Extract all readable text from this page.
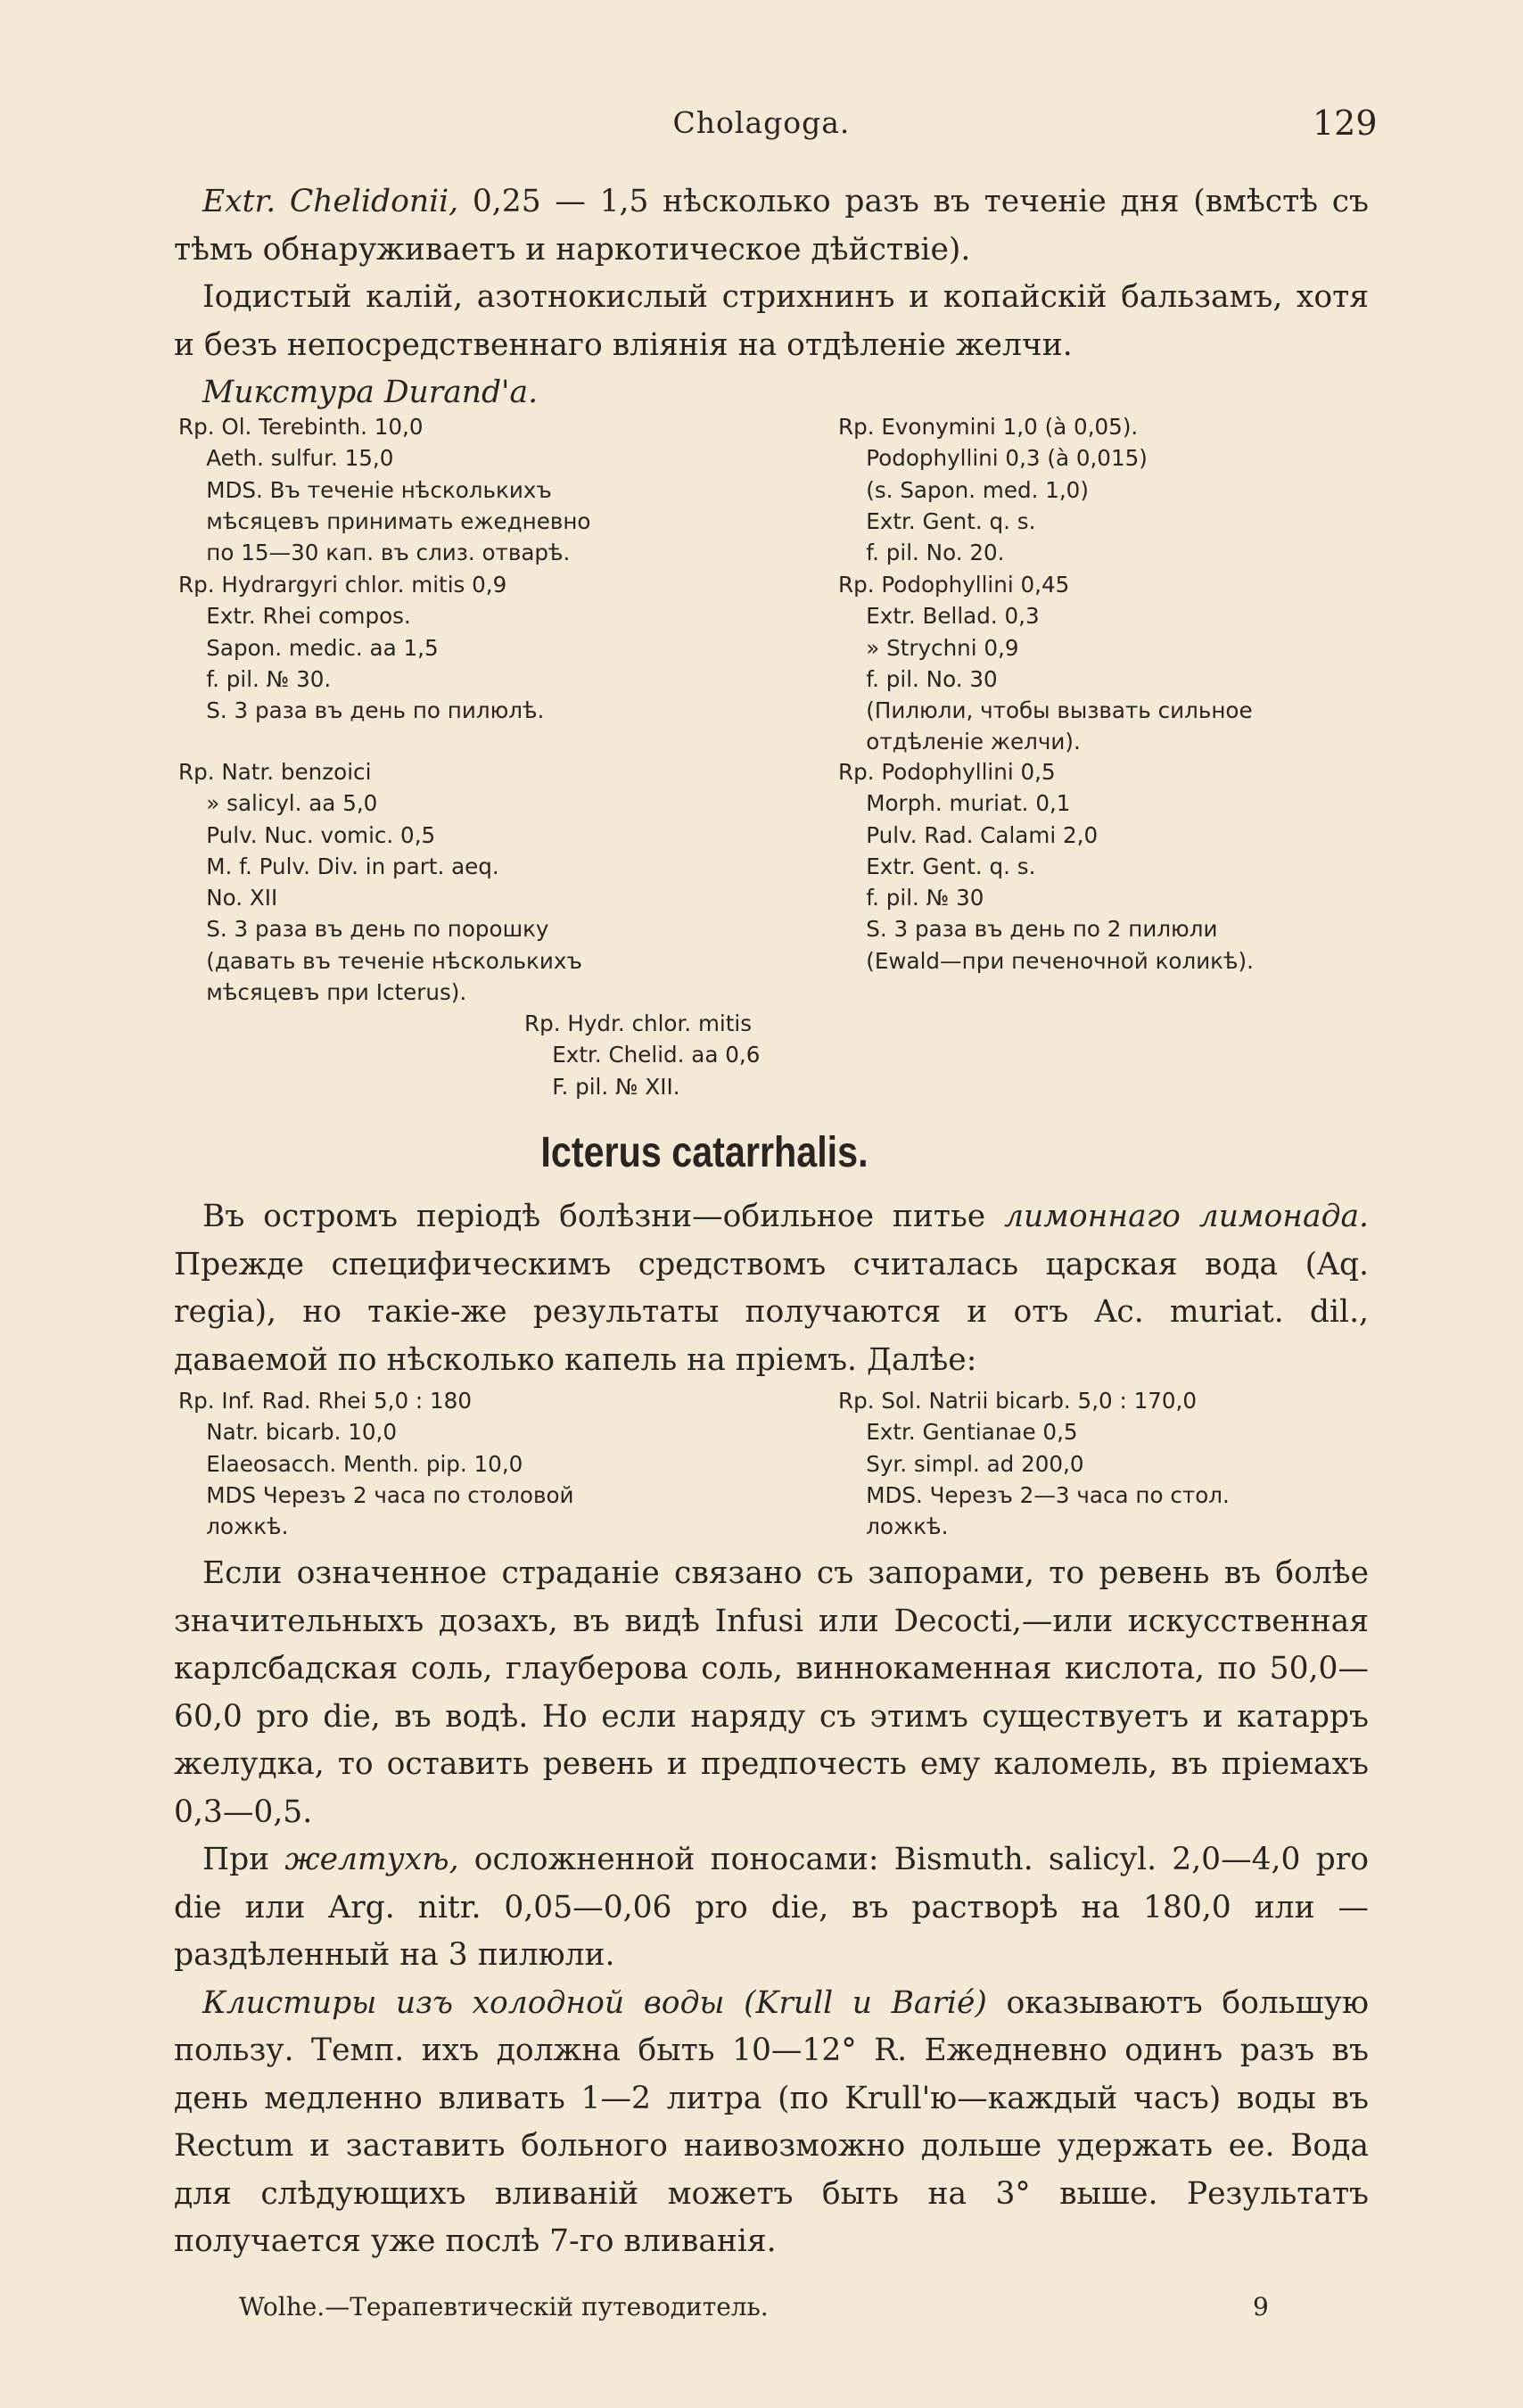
Cholagoga.	129

Extr. Chelidonii, 0,25 — 1,5 нѣсколько разъ въ теченіе дня (вмѣстѣ съ тѣмъ обнаруживаетъ и наркотическое дѣйствіе).

Іодистый калій, азотнокислый стрихнинъ и копайскій бальзамъ, хотя и безъ непосредственнаго вліянія на отдѣленіе желчи.

Микстура Durand'a.

Rp. Ol. Terebinth. 10,0
Aeth. sulfur. 15,0
MDS. Въ теченіе нѣсколькихъ
мѣсяцевъ принимать ежедневно
по 15—30 кап. въ слиз. отварѣ.
Rp. Hydrargyri chlor. mitis 0,9
Extr. Rhei compos.
Sapon. medic. aa 1,5
f. pil. № 30.
S. 3 раза въ день по пилюлѣ.
Rp. Natr. benzoici
» salicyl. aa 5,0
Pulv. Nuc. vomic. 0,5
M. f. Pulv. Div. in part. aeq.
No. XII
S. 3 раза въ день по порошку
(давать въ теченіе нѣсколькихъ
мѣсяцевъ при Icterus).
Rp. Evonymini 1,0 (à 0,05).
Podophyllini 0,3 (à 0,015)
(s. Sapon. med. 1,0)
Extr. Gent. q. s.
f. pil. No. 20.
Rp. Podophyllini 0,45
Extr. Bellad. 0,3
» Strychni 0,9
f. pil. No. 30
(Пилюли, чтобы вызвать сильное
отдѣленіе желчи).
Rp. Podophyllini 0,5
Morph. muriat. 0,1
Pulv. Rad. Calami 2,0
Extr. Gent. q. s.
f. pil. № 30
S. 3 раза въ день по 2 пилюли
(Ewald—при печеночной коликѣ).
Rp. Hydr. chlor. mitis
Extr. Chelid. aa 0,6
F. pil. № XII.
Icterus catarrhalis.

Въ остромъ періодѣ болѣзни—обильное питье лимоннаго лимонада. Прежде специфическимъ средствомъ считалась царская вода (Aq. regia), но такіе-же результаты получаются и отъ Ac. muriat. dil., даваемой по нѣсколько капель на пріемъ. Далѣе:

Rp. Inf. Rad. Rhei 5,0 : 180
Natr. bicarb. 10,0
Elaeosacch. Menth. pip. 10,0
MDS Черезъ 2 часа по столовой
ложкѣ.
Rp. Sol. Natrii bicarb. 5,0 : 170,0
Extr. Gentianae 0,5
Syr. simpl. ad 200,0
MDS. Черезъ 2—3 часа по стол.
ложкѣ.

Если означенное страданіе связано съ запорами, то ревень въ болѣе значительныхъ дозахъ, въ видѣ Infusi или Decocti,—или искусственная карлсбадская соль, глауберова соль, виннокаменная кислота, по 50,0—60,0 pro die, въ водѣ. Но если наряду съ этимъ существуетъ и катарръ желудка, то оставить ревень и предпочесть ему каломель, въ пріемахъ 0,3—0,5.

При желтухѣ, осложненной поносами: Bismuth. salicyl. 2,0—4,0 pro die или Arg. nitr. 0,05—0,06 pro die, въ растворѣ на 180,0 или — раздѣленный на 3 пилюли.

Клистиры изъ холодной воды (Krull и Barié) оказываютъ большую пользу. Темп. ихъ должна быть 10—12° R. Ежедневно одинъ разъ въ день медленно вливать 1—2 литра (по Krull'ю—каждый часъ) воды въ Rectum и заставить больного наивозможно дольше удержать ее. Вода для слѣдующихъ вливаній можетъ быть на 3° выше. Результатъ получается уже послѣ 7-го вливанія.

Wolhe.—Терапевтическій путеводитель.	9
